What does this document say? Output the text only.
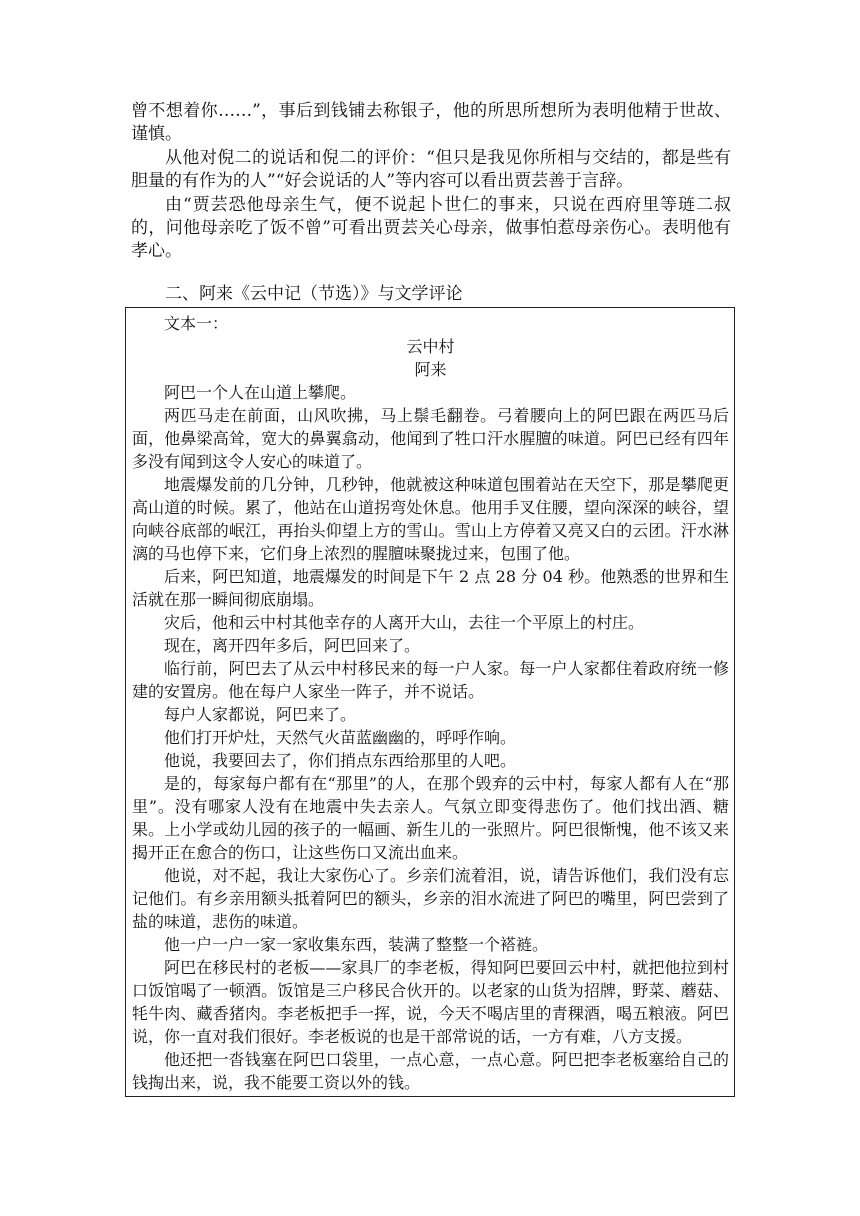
曾不想着你……”，事后到钱铺去称银子，他的所思所想所为表明他精于世故、谨慎。

从他对倪二的说话和倪二的评价：“但只是我见你所相与交结的，都是些有胆量的有作为的人”“好会说话的人”等内容可以看出贾芸善于言辞。

由“贾芸恐他母亲生气，便不说起卜世仁的事来，只说在西府里等琏二叔的，问他母亲吃了饭不曾”可看出贾芸关心母亲，做事怕惹母亲伤心。表明他有孝心。

二、阿来《云中记（节选）》与文学评论

文本一：

云中村

阿来

阿巴一个人在山道上攀爬。

两匹马走在前面，山风吹拂，马上鬃毛翻卷。弓着腰向上的阿巴跟在两匹马后面，他鼻梁高耸，宽大的鼻翼翕动，他闻到了牲口汗水腥膻的味道。阿巴已经有四年多没有闻到这令人安心的味道了。

地震爆发前的几分钟，几秒钟，他就被这种味道包围着站在天空下，那是攀爬更高山道的时候。累了，他站在山道拐弯处休息。他用手叉住腰，望向深深的峡谷，望向峡谷底部的岷江，再抬头仰望上方的雪山。雪山上方停着又亮又白的云团。汗水淋漓的马也停下来，它们身上浓烈的腥膻味聚拢过来，包围了他。

后来，阿巴知道，地震爆发的时间是下午 2 点 28 分 04 秒。他熟悉的世界和生活就在那一瞬间彻底崩塌。

灾后，他和云中村其他幸存的人离开大山，去往一个平原上的村庄。

现在，离开四年多后，阿巴回来了。

临行前，阿巴去了从云中村移民来的每一户人家。每一户人家都住着政府统一修建的安置房。他在每户人家坐一阵子，并不说话。

每户人家都说，阿巴来了。

他们打开炉灶，天然气火苗蓝幽幽的，呼呼作响。

他说，我要回去了，你们捎点东西给那里的人吧。

是的，每家每户都有在“那里”的人，在那个毁弃的云中村，每家人都有人在“那里”。没有哪家人没有在地震中失去亲人。气氛立即变得悲伤了。他们找出酒、糖果。上小学或幼儿园的孩子的一幅画、新生儿的一张照片。阿巴很惭愧，他不该又来揭开正在愈合的伤口，让这些伤口又流出血来。

他说，对不起，我让大家伤心了。乡亲们流着泪，说，请告诉他们，我们没有忘记他们。有乡亲用额头抵着阿巴的额头，乡亲的泪水流进了阿巴的嘴里，阿巴尝到了盐的味道，悲伤的味道。

他一户一户一家一家收集东西，装满了整整一个褡裢。

阿巴在移民村的老板——家具厂的李老板，得知阿巴要回云中村，就把他拉到村口饭馆喝了一顿酒。饭馆是三户移民合伙开的。以老家的山货为招牌，野菜、蘑菇、牦牛肉、藏香猪肉。李老板把手一挥，说，今天不喝店里的青稞酒，喝五粮液。阿巴说，你一直对我们很好。李老板说的也是干部常说的话，一方有难，八方支援。

他还把一沓钱塞在阿巴口袋里，一点心意，一点心意。阿巴把李老板塞给自己的钱掏出来，说，我不能要工资以外的钱。
